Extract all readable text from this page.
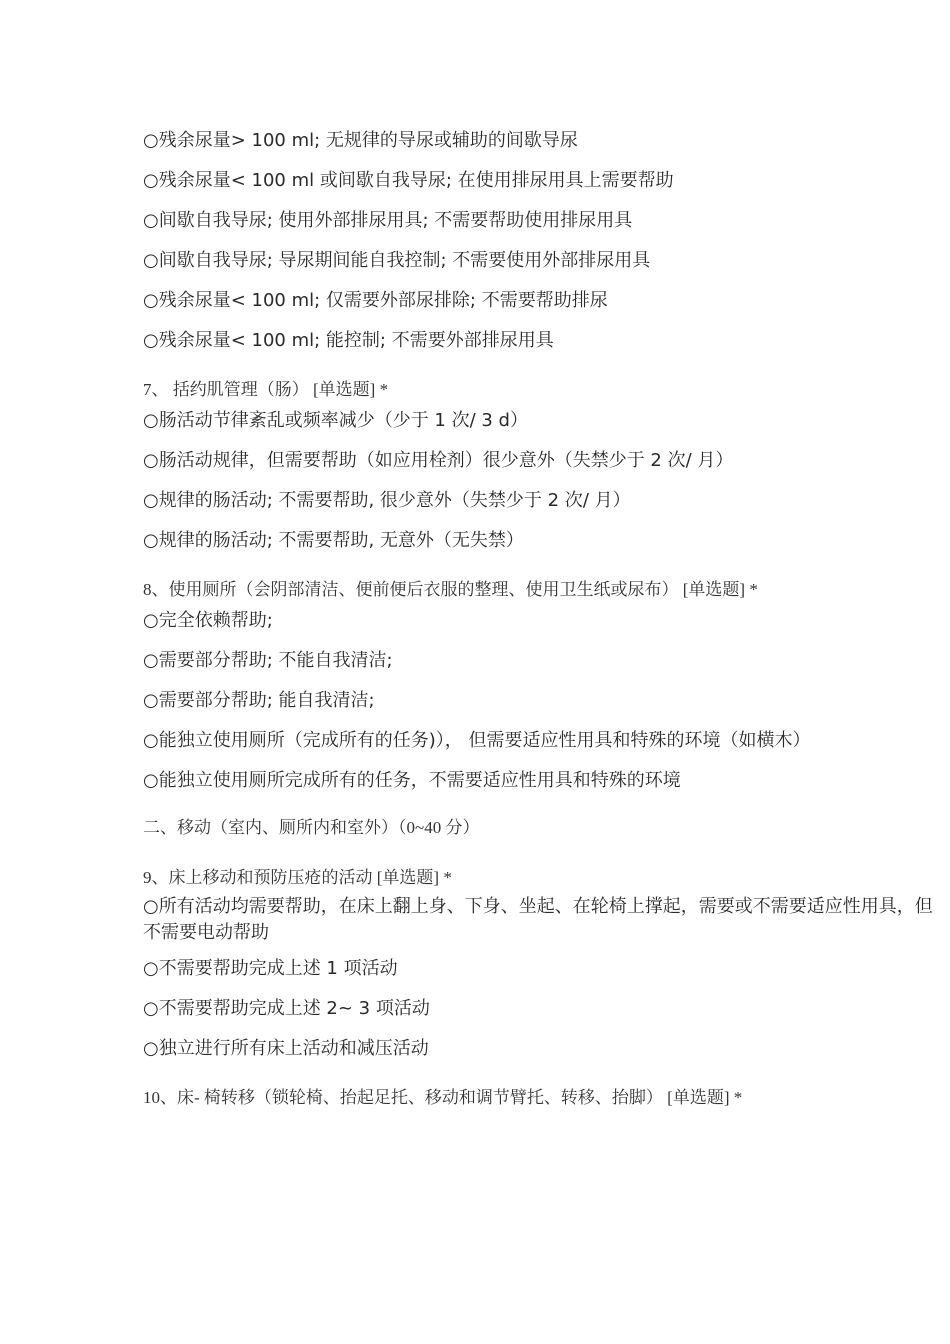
○残余尿量> 100 ml; 无规律的导尿或辅助的间歇导尿
○残余尿量< 100 ml 或间歇自我导尿; 在使用排尿用具上需要帮助
○间歇自我导尿; 使用外部排尿用具; 不需要帮助使用排尿用具
○间歇自我导尿; 导尿期间能自我控制; 不需要使用外部排尿用具
○残余尿量< 100 ml; 仅需要外部尿排除; 不需要帮助排尿
○残余尿量< 100 ml; 能控制; 不需要外部排尿用具
7、 括约肌管理（肠） [单选题] *
○肠活动节律紊乱或频率减少（少于 1 次/ 3 d）
○肠活动规律，但需要帮助（如应用栓剂）很少意外（失禁少于 2 次/ 月）
○规律的肠活动; 不需要帮助, 很少意外（失禁少于 2 次/ 月）
○规律的肠活动; 不需要帮助, 无意外（无失禁）
8、使用厕所（会阴部清洁、便前便后衣服的整理、使用卫生纸或尿布） [单选题] *
○完全依赖帮助;
○需要部分帮助; 不能自我清洁;
○需要部分帮助; 能自我清洁;
○能独立使用厕所（完成所有的任务)）， 但需要适应性用具和特殊的环境（如横木）
○能独立使用厕所完成所有的任务，不需要适应性用具和特殊的环境
二、移动（室内、厕所内和室外）（0~40 分）
9、床上移动和预防压疮的活动 [单选题] *
○所有活动均需要帮助，在床上翻上身、下身、坐起、在轮椅上撑起，需要或不需要适应性用具，但不需要电动帮助
○不需要帮助完成上述 1 项活动
○不需要帮助完成上述 2~ 3 项活动
○独立进行所有床上活动和减压活动
10、床- 椅转移（锁轮椅、抬起足托、移动和调节臂托、转移、抬脚） [单选题] *
